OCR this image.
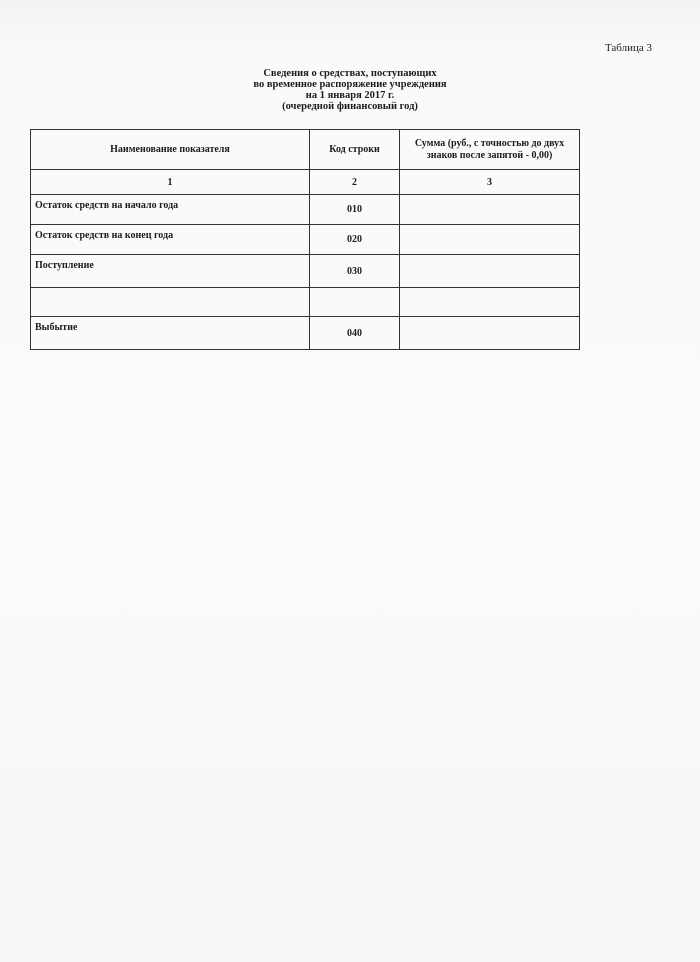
Таблица 3
Сведения о средствах, поступающих
во временное распоряжение учреждения
на 1 января 2017 г.
(очередной финансовый год)
Наименование показателя	Код строки	Сумма (руб., с точностью до двух знаков после запятой - 0,00)
1	2	3
Остаток средств на начало года	010	
Остаток средств на конец года	020	
Поступление	030	

Выбытие	040	
